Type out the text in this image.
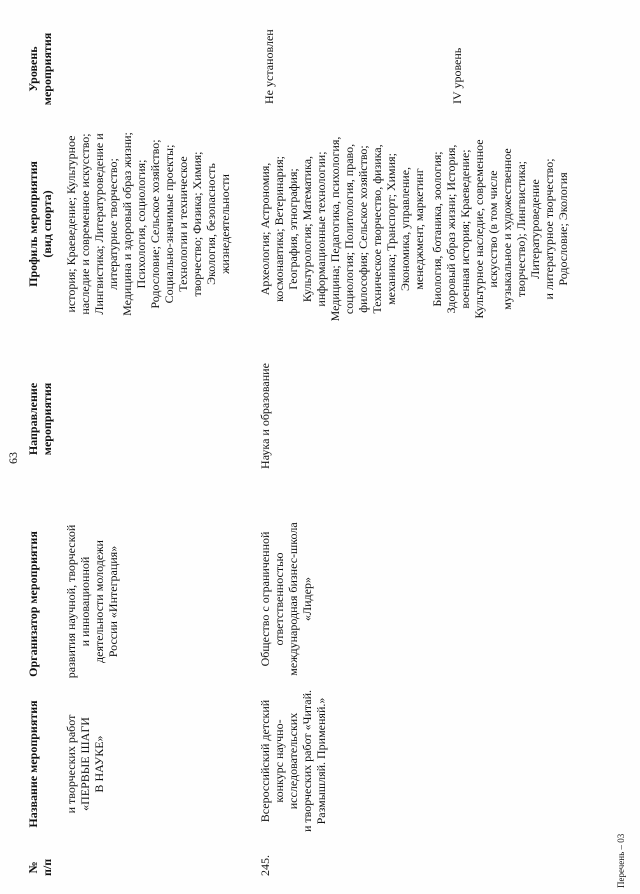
63
№ п/п
Название мероприятия
Организатор мероприятия
Направление мероприятия
Профиль мероприятия (вид спорта)
Уровень мероприятия
и творческих работ «ПЕРВЫЕ ШАГИ В НАУКЕ»
развития научной, творческой и инновационной деятельности молодежи России «Интеграция»
история; Краеведение; Культурное наследие и современное искусство; Лингвистика; Литературоведение и литературное творчество; Медицина и здоровый образ жизни; Психология, социология; Родословие; Сельское хозяйство; Социально-значимые проекты; Технологии и техническое творчество; Физика; Химия; Экология, безопасность жизнедеятельности
245.
Всероссийский детский конкурс научно- исследовательских и творческих работ «Читай. Размышляй. Применяй.»
Общество с ограниченной ответственностью международная бизнес-школа «Лидер»
Наука и образование
Археология; Астрономия, космонавтика; Ветеринария; География, этнография; Культурология; Математика, информационные технологии; Медицина; Педагогика, психология, социология; Политология, право, философия; Сельское хозяйство; Техническое творчество, физика, механика; Транспорт; Химия; Экономика, управление, менеджмент, маркетинг
Не установлен
Биология, ботаника, зоология; Здоровый образ жизни; История, военная история; Краеведение; Культурное наследие, современное искусство (в том числе музыкальное и художественное творчество); Лингвистика; Литературоведение и литературное творчество; Родословие; Экология
IV уровень
Перечень – 03
